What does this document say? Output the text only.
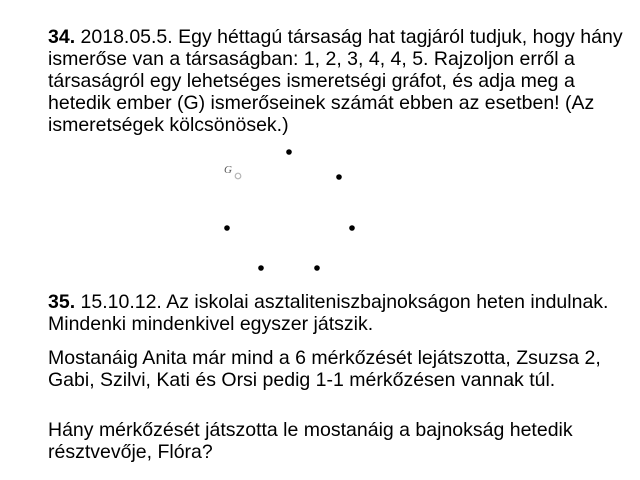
34. 2018.05.5. Egy héttagú társaság hat tagjáról tudjuk, hogy hány ismerőse van a társaságban: 1, 2, 3, 4, 4, 5. Rajzoljon erről a társaságról egy lehetséges ismeretségi gráfot, és adja meg a hetedik ember (G) ismerőseinek számát ebben az esetben! (Az ismeretségek kölcsönösek.)

G

35. 15.10.12. Az iskolai asztaliteniszbajnokságon heten indulnak. Mindenki mindenkivel egyszer játszik.

Mostanáig Anita már mind a 6 mérkőzését lejátszotta, Zsuzsa 2, Gabi, Szilvi, Kati és Orsi pedig 1-1 mérkőzésen vannak túl.

Hány mérkőzését játszotta le mostanáig a bajnokság hetedik résztvevője, Flóra?
